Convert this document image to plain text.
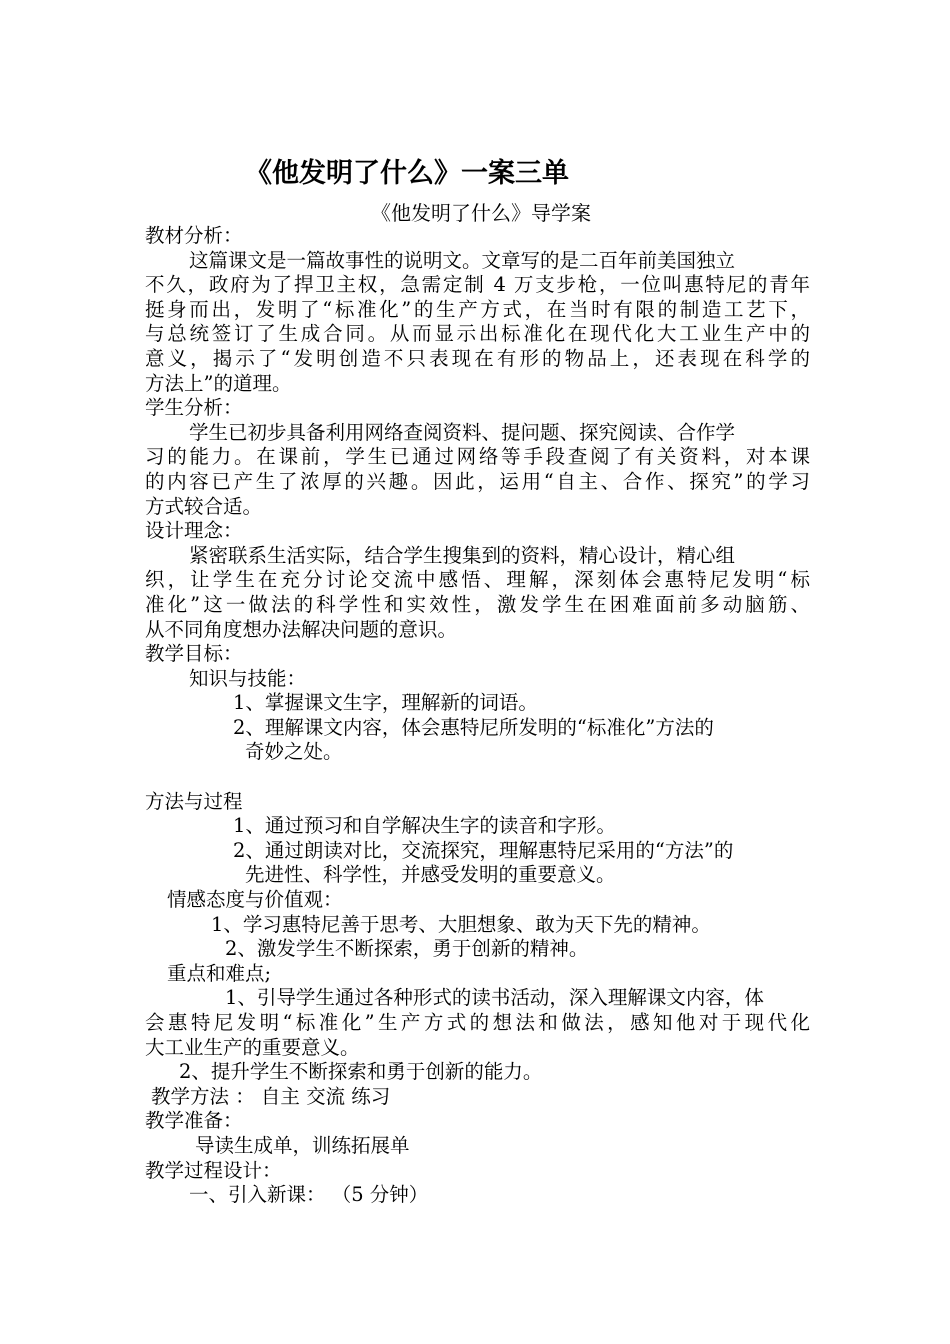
《他发明了什么》一案三单
《他发明了什么》导学案
教材分析：
这篇课文是一篇故事性的说明文。文章写的是二百年前美国独立
不久，政府为了捍卫主权，急需定制 4 万支步枪，一位叫惠特尼的青年
挺身而出，发明了“标准化”的生产方式，在当时有限的制造工艺下，
与总统签订了生成合同。从而显示出标准化在现代化大工业生产中的
意义，揭示了“发明创造不只表现在有形的物品上，还表现在科学的
方法上”的道理。
学生分析：
学生已初步具备利用网络查阅资料、提问题、探究阅读、合作学
习的能力。在课前，学生已通过网络等手段查阅了有关资料，对本课
的内容已产生了浓厚的兴趣。因此，运用“自主、合作、探究”的学习
方式较合适。
设计理念：
紧密联系生活实际，结合学生搜集到的资料，精心设计，精心组
织，让学生在充分讨论交流中感悟、理解，深刻体会惠特尼发明“标
准化”这一做法的科学性和实效性，激发学生在困难面前多动脑筋、
从不同角度想办法解决问题的意识。
教学目标：
知识与技能：
1、掌握课文生字，理解新的词语。
2、理解课文内容，体会惠特尼所发明的“标准化”方法的
奇妙之处。
方法与过程
1、通过预习和自学解决生字的读音和字形。
2、通过朗读对比，交流探究，理解惠特尼采用的“方法”的
先进性、科学性，并感受发明的重要意义。
情感态度与价值观：
1、学习惠特尼善于思考、大胆想象、敢为天下先的精神。
2、激发学生不断探索，勇于创新的精神。
重点和难点;
1、引导学生通过各种形式的读书活动，深入理解课文内容，体
会惠特尼发明“标准化”生产方式的想法和做法，感知他对于现代化
大工业生产的重要意义。
2、提升学生不断探索和勇于创新的能力。
教学方法 ： 自主 交流 练习
教学准备：
导读生成单，训练拓展单
教学过程设计：
一、引入新课： （5 分钟）
